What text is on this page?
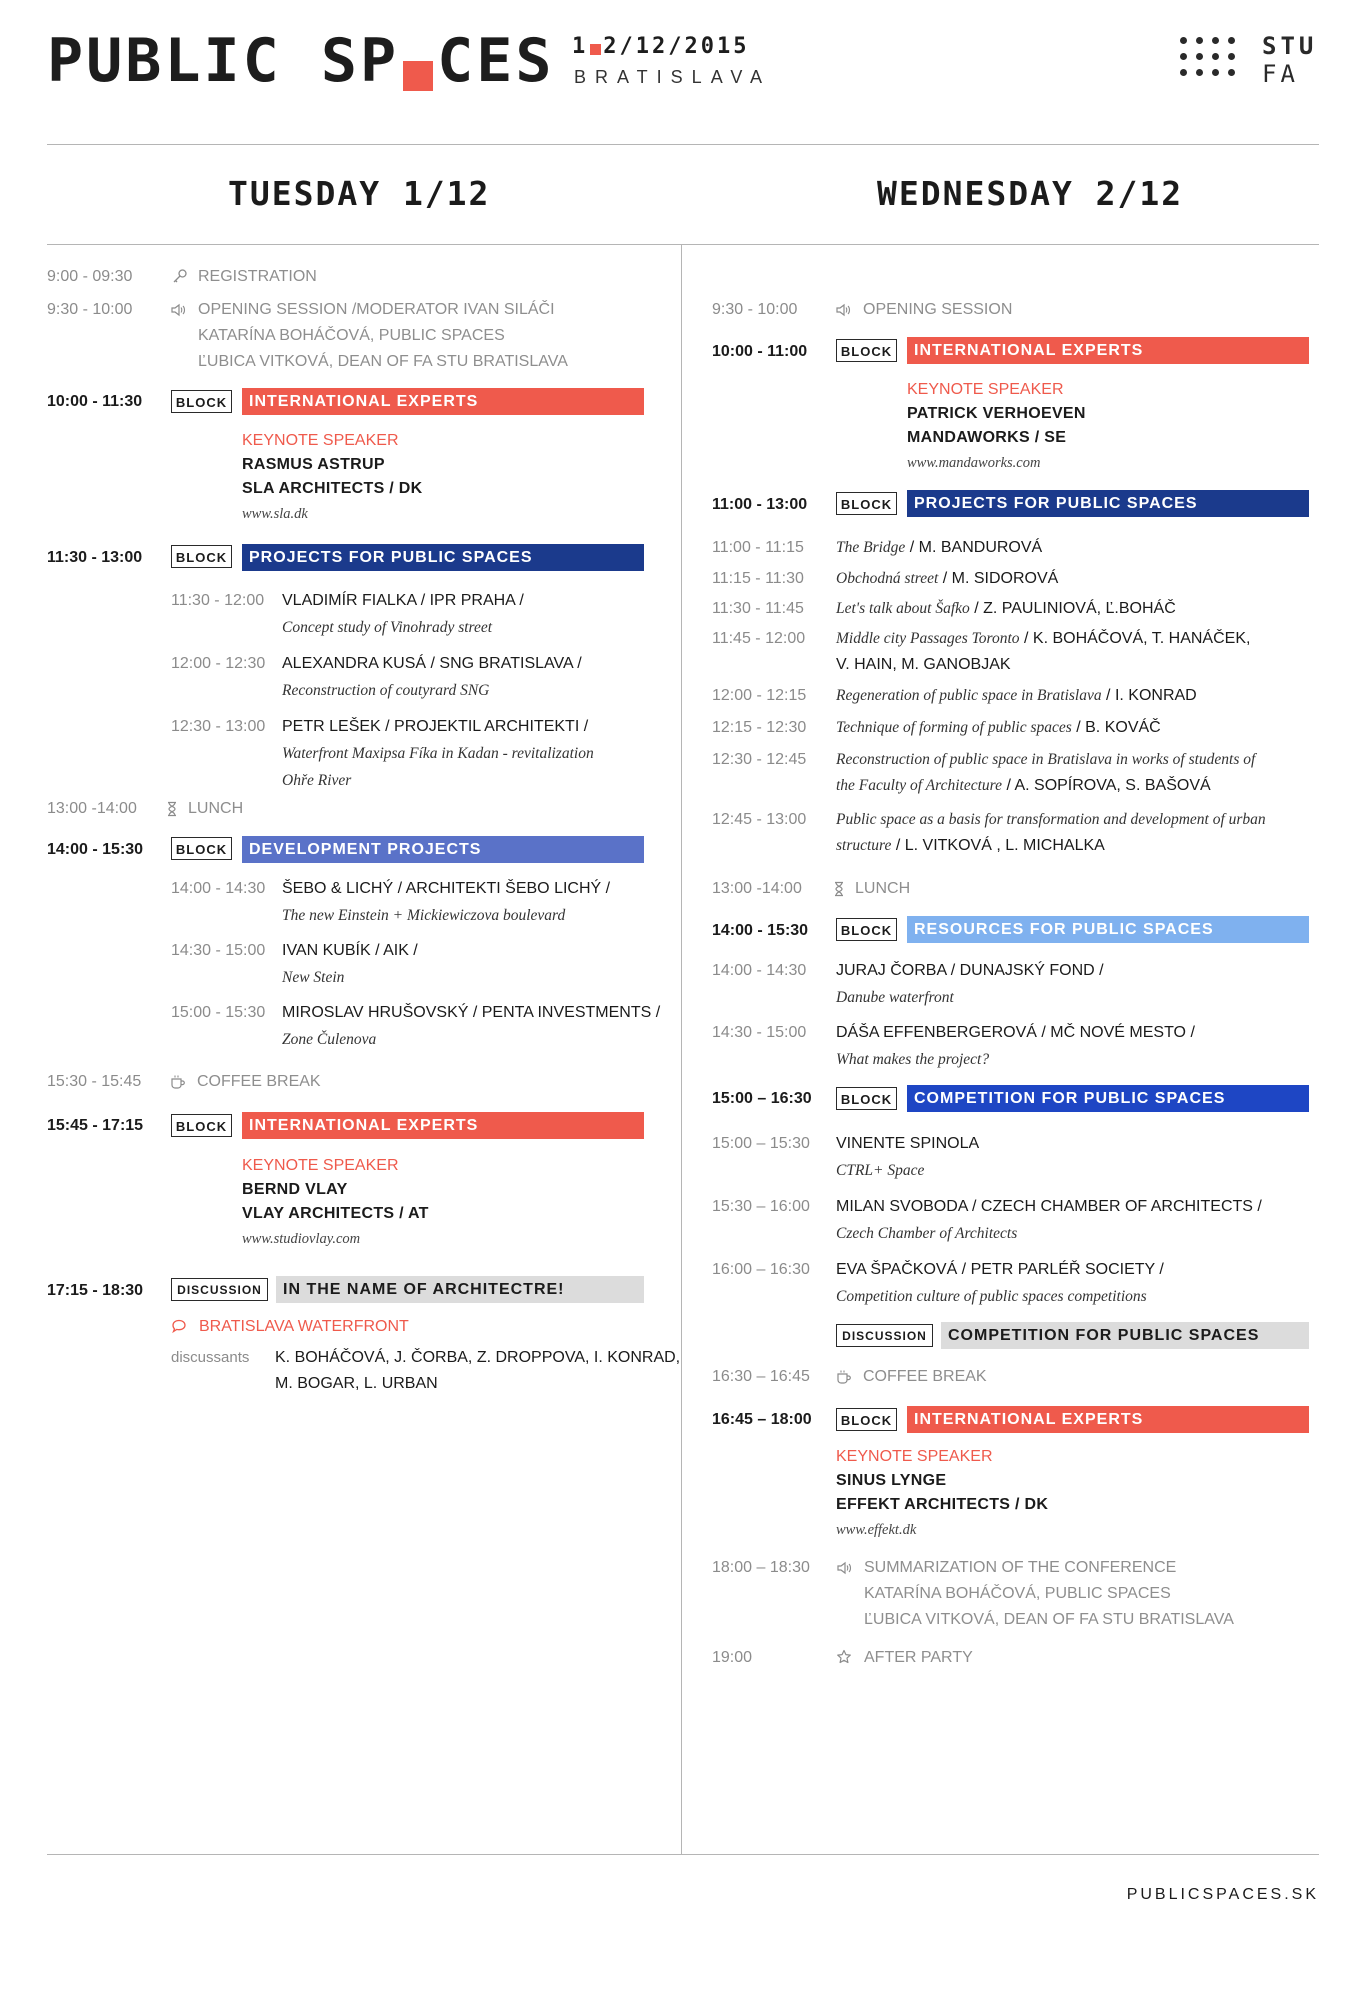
PUBLIC SP CES 1 2/12/2015
BRATISLAVA
STU
FA
TUESDAY 1/12	WEDNESDAY 2/12
9:00 - 09:30	REGISTRATION
9:30 - 10:00	OPENING SESSION /MODERATOR IVAN SILÁČI
KATARÍNA BOHÁČOVÁ, PUBLIC SPACES
ĽUBICA VITKOVÁ, DEAN OF FA STU BRATISLAVA
10:00 - 11:30	BLOCK	INTERNATIONAL EXPERTS
KEYNOTE SPEAKER
RASMUS ASTRUP
SLA ARCHITECTS / DK
www.sla.dk
11:30 - 13:00	BLOCK	PROJECTS FOR PUBLIC SPACES
11:30 - 12:00 VLADIMÍR FIALKA / IPR PRAHA /
Concept study of Vinohrady street
12:00 - 12:30 ALEXANDRA KUSÁ / SNG BRATISLAVA /
Reconstruction of coutyrard SNG
12:30 - 13:00 PETR LEŠEK / PROJEKTIL ARCHITEKTI /
Waterfront Maxipsa Fíka in Kadan - revitalization
Ohře River
13:00 -14:00	LUNCH
14:00 - 15:30	BLOCK	DEVELOPMENT PROJECTS
14:00 - 14:30 ŠEBO & LICHÝ / ARCHITEKTI ŠEBO LICHÝ /
The new Einstein + Mickiewiczova boulevard
14:30 - 15:00 IVAN KUBÍK / AIK /
New Stein
15:00 - 15:30 MIROSLAV HRUŠOVSKÝ / PENTA INVESTMENTS /
Zone Čulenova
15:30 - 15:45	COFFEE BREAK
15:45 - 17:15	BLOCK	INTERNATIONAL EXPERTS
KEYNOTE SPEAKER
BERND VLAY
VLAY ARCHITECTS / AT
www.studiovlay.com
17:15 - 18:30	DISCUSSION	IN THE NAME OF ARCHITECTRE!
BRATISLAVA WATERFRONT
discussants K. BOHÁČOVÁ, J. ČORBA, Z. DROPPOVA, I. KONRAD,
M. BOGAR, L. URBAN
9:30 - 10:00	OPENING SESSION
10:00 - 11:00	BLOCK	INTERNATIONAL EXPERTS
KEYNOTE SPEAKER
PATRICK VERHOEVEN
MANDAWORKS / SE
www.mandaworks.com
11:00 - 13:00	BLOCK	PROJECTS FOR PUBLIC SPACES
11:00 - 11:15 The Bridge / M. BANDUROVÁ
11:15 - 11:30 Obchodná street / M. SIDOROVÁ
11:30 - 11:45 Let's talk about Šafko / Z. PAULINIOVÁ, Ľ.BOHÁČ
11:45 - 12:00 Middle city Passages Toronto / K. BOHÁČOVÁ, T. HANÁČEK,
V. HAIN, M. GANOBJAK
12:00 - 12:15 Regeneration of public space in Bratislava / I. KONRAD
12:15 - 12:30 Technique of forming of public spaces / B. KOVÁČ
12:30 - 12:45 Reconstruction of public space in Bratislava in works of students of
the Faculty of Architecture / A. SOPÍROVA, S. BAŠOVÁ
12:45 - 13:00 Public space as a basis for transformation and development of urban
structure / L. VITKOVÁ , L. MICHALKA
13:00 -14:00	LUNCH
14:00 - 15:30	BLOCK	RESOURCES FOR PUBLIC SPACES
14:00 - 14:30 JURAJ ČORBA / DUNAJSKÝ FOND /
Danube waterfront
14:30 - 15:00 DÁŠA EFFENBERGEROVÁ / MČ NOVÉ MESTO /
What makes the project?
15:00 – 16:30	BLOCK	COMPETITION FOR PUBLIC SPACES
15:00 – 15:30 VINENTE SPINOLA
CTRL+ Space
15:30 – 16:00 MILAN SVOBODA / CZECH CHAMBER OF ARCHITECTS /
Czech Chamber of Architects
16:00 – 16:30 EVA ŠPAČKOVÁ / PETR PARLÉŘ SOCIETY /
Competition culture of public spaces competitions
DISCUSSION	COMPETITION FOR PUBLIC SPACES
16:30 – 16:45	COFFEE BREAK
16:45 – 18:00	BLOCK	INTERNATIONAL EXPERTS
KEYNOTE SPEAKER
SINUS LYNGE
EFFEKT ARCHITECTS / DK
www.effekt.dk
18:00 – 18:30	SUMMARIZATION OF THE CONFERENCE
KATARÍNA BOHÁČOVÁ, PUBLIC SPACES
ĽUBICA VITKOVÁ, DEAN OF FA STU BRATISLAVA
19:00	AFTER PARTY
PUBLICSPACES.SK
